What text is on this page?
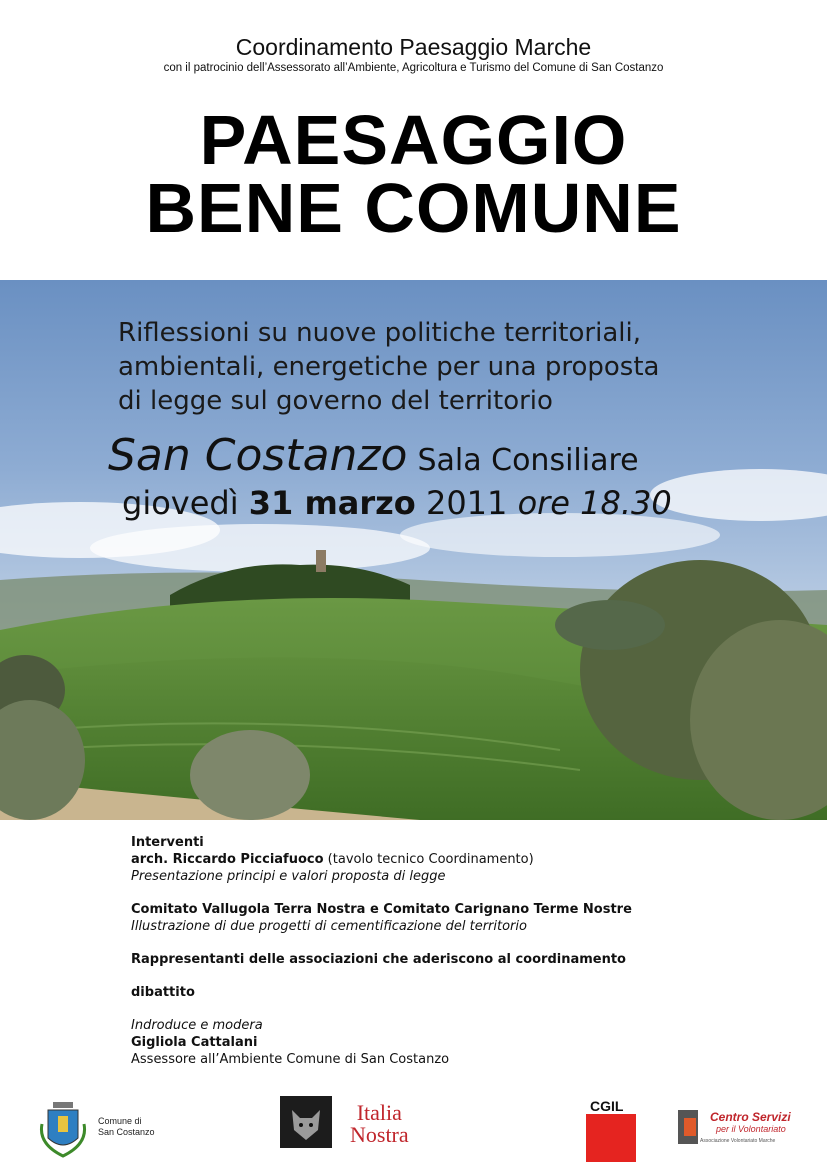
Coordinamento Paesaggio Marche
con il patrocinio dell’Assessorato all’Ambiente, Agricoltura e Turismo del Comune di San Costanzo
PAESAGGIO
BENE COMUNE
Riflessioni su nuove politiche territoriali,
ambientali, energetiche per una proposta
di legge sul governo del territorio
San Costanzo Sala Consiliare
giovedì 31 marzo 2011 ore 18.30
Interventi
arch. Riccardo Picciafuoco (tavolo tecnico Coordinamento)
Presentazione principi e valori proposta di legge
Comitato Vallugola Terra Nostra e Comitato Carignano Terme Nostre
Illustrazione di due progetti di cementificazione del territorio
Rappresentanti delle associazioni che aderiscono al coordinamento
dibattito
Indroduce e modera
Gigliola Cattalani
Assessore all’Ambiente Comune di San Costanzo
Comune di
San Costanzo
Italia
Nostra
CGIL
Centro Servizi
per il Volontariato
Associazione Volontariato Marche
